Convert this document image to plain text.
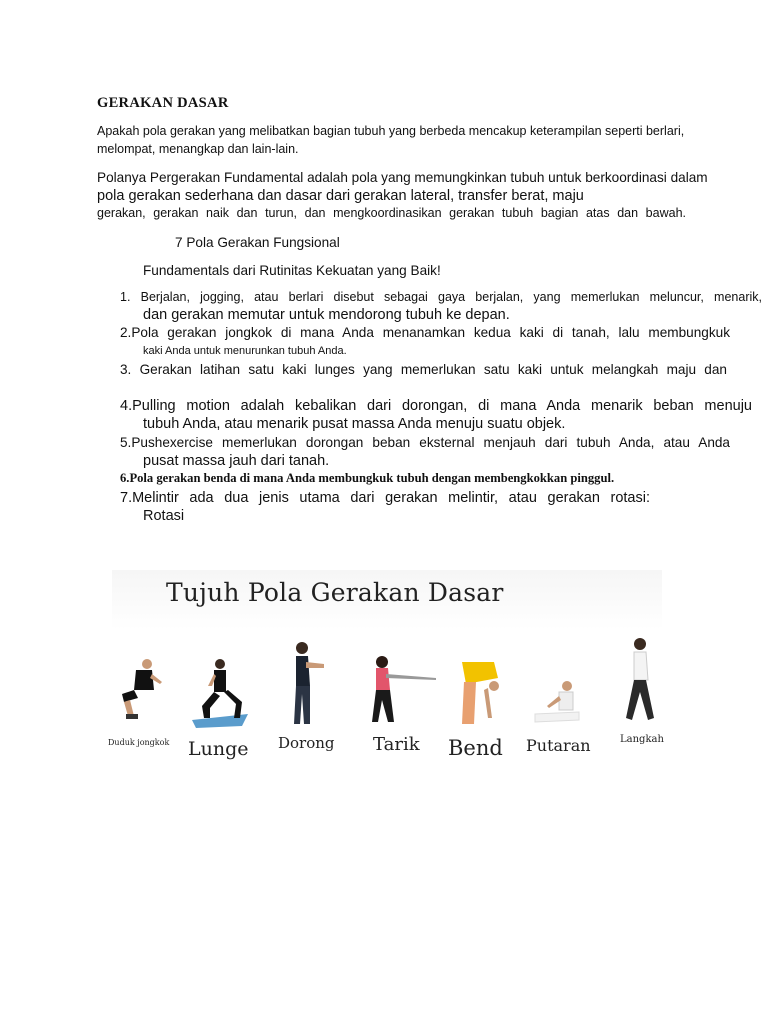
GERAKAN DASAR
Apakah pola gerakan yang melibatkan bagian tubuh yang berbeda mencakup keterampilan seperti berlari,
melompat, menangkap dan lain-lain.
Polanya Pergerakan Fundamental adalah pola yang memungkinkan tubuh untuk berkoordinasi dalam
pola gerakan sederhana dan dasar dari gerakan lateral, transfer berat, maju
gerakan, gerakan naik dan turun, dan mengkoordinasikan gerakan tubuh bagian atas dan bawah.
7 Pola Gerakan Fungsional
Fundamentals dari Rutinitas Kekuatan yang Baik!
1. Berjalan, jogging, atau berlari disebut sebagai gaya berjalan, yang memerlukan meluncur, menarik,
dan gerakan memutar untuk mendorong tubuh ke depan.
2.Pola gerakan jongkok di mana Anda menanamkan kedua kaki di tanah, lalu membungkuk
kaki Anda untuk menurunkan tubuh Anda.
3. Gerakan latihan satu kaki lunges yang memerlukan satu kaki untuk melangkah maju dan
4.Pulling motion adalah kebalikan dari dorongan, di mana Anda menarik beban menuju
tubuh Anda, atau menarik pusat massa Anda menuju suatu objek.
5.Pushexercise memerlukan dorongan beban eksternal menjauh dari tubuh Anda, atau Anda
pusat massa jauh dari tanah.
6.Pola gerakan benda di mana Anda membungkuk tubuh dengan membengkokkan pinggul.
7.Melintir ada dua jenis utama dari gerakan melintir, atau gerakan rotasi:
Rotasi
Tujuh Pola Gerakan Dasar
Duduk jongkok Lunge Dorong Tarik Bend Putaran	Langkah
